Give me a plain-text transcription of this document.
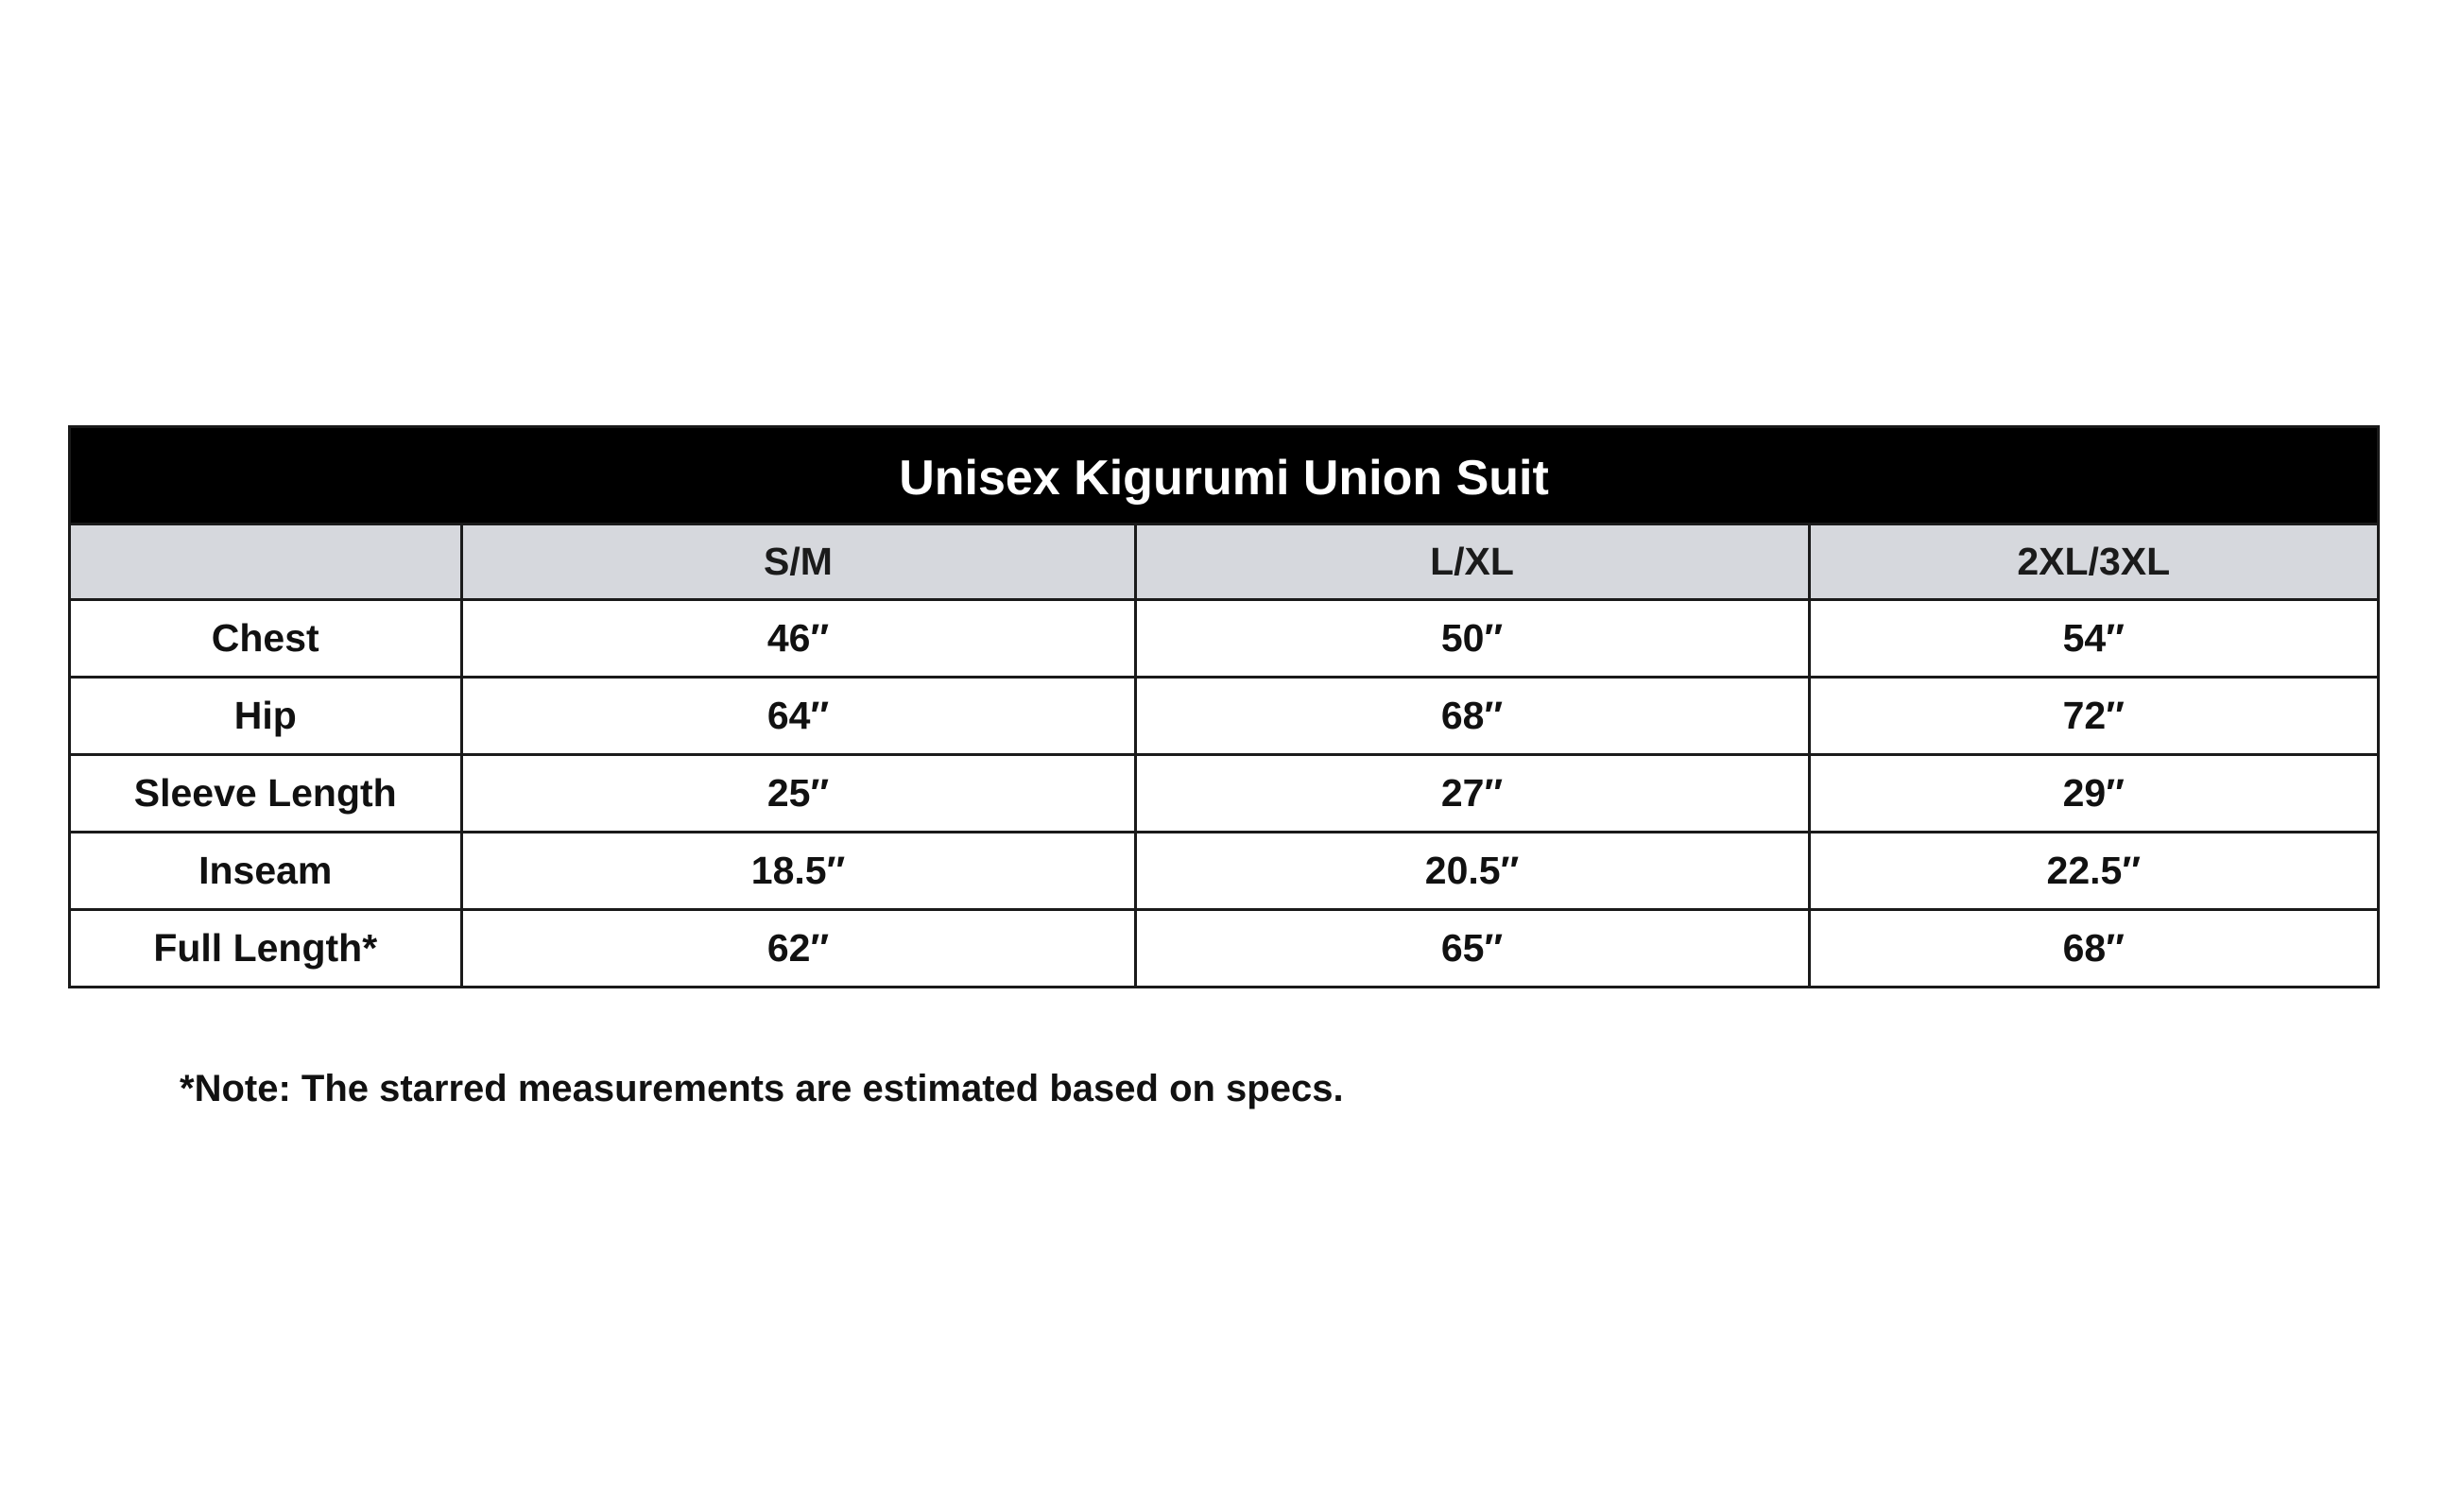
Unisex Kigurumi Union Suit
	S/M	L/XL	2XL/3XL
Chest	46″	50″	54″
Hip	64″	68″	72″
Sleeve Length	25″	27″	29″
Inseam	18.5″	20.5″	22.5″
Full Length*	62″	65″	68″
*Note: The starred measurements are estimated based on specs.
